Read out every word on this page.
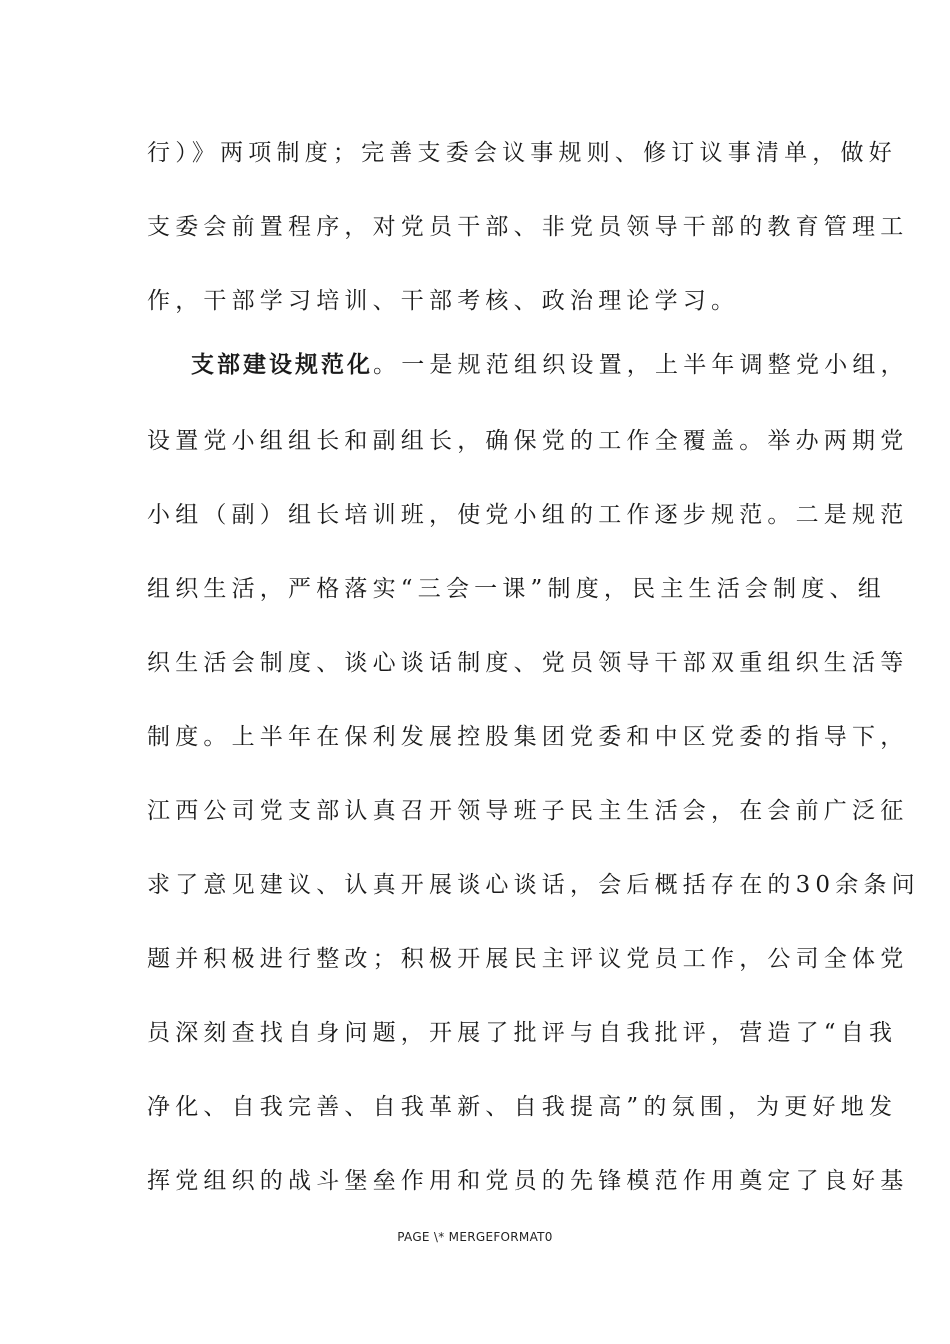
行）》两项制度；完善支委会议事规则、修订议事清单，做好
支委会前置程序，对党员干部、非党员领导干部的教育管理工
作，干部学习培训、干部考核、政治理论学习。
支部建设规范化。一是规范组织设置，上半年调整党小组，
设置党小组组长和副组长，确保党的工作全覆盖。举办两期党
小组（副）组长培训班，使党小组的工作逐步规范。二是规范
组织生活，严格落实“三会一课”制度，民主生活会制度、组
织生活会制度、谈心谈话制度、党员领导干部双重组织生活等
制度。上半年在保利发展控股集团党委和中区党委的指导下，
江西公司党支部认真召开领导班子民主生活会，在会前广泛征
求了意见建议、认真开展谈心谈话，会后概括存在的30余条问
题并积极进行整改；积极开展民主评议党员工作，公司全体党
员深刻查找自身问题，开展了批评与自我批评，营造了“自我
净化、自我完善、自我革新、自我提高”的氛围，为更好地发
挥党组织的战斗堡垒作用和党员的先锋模范作用奠定了良好基
PAGE \* MERGEFORMAT0
